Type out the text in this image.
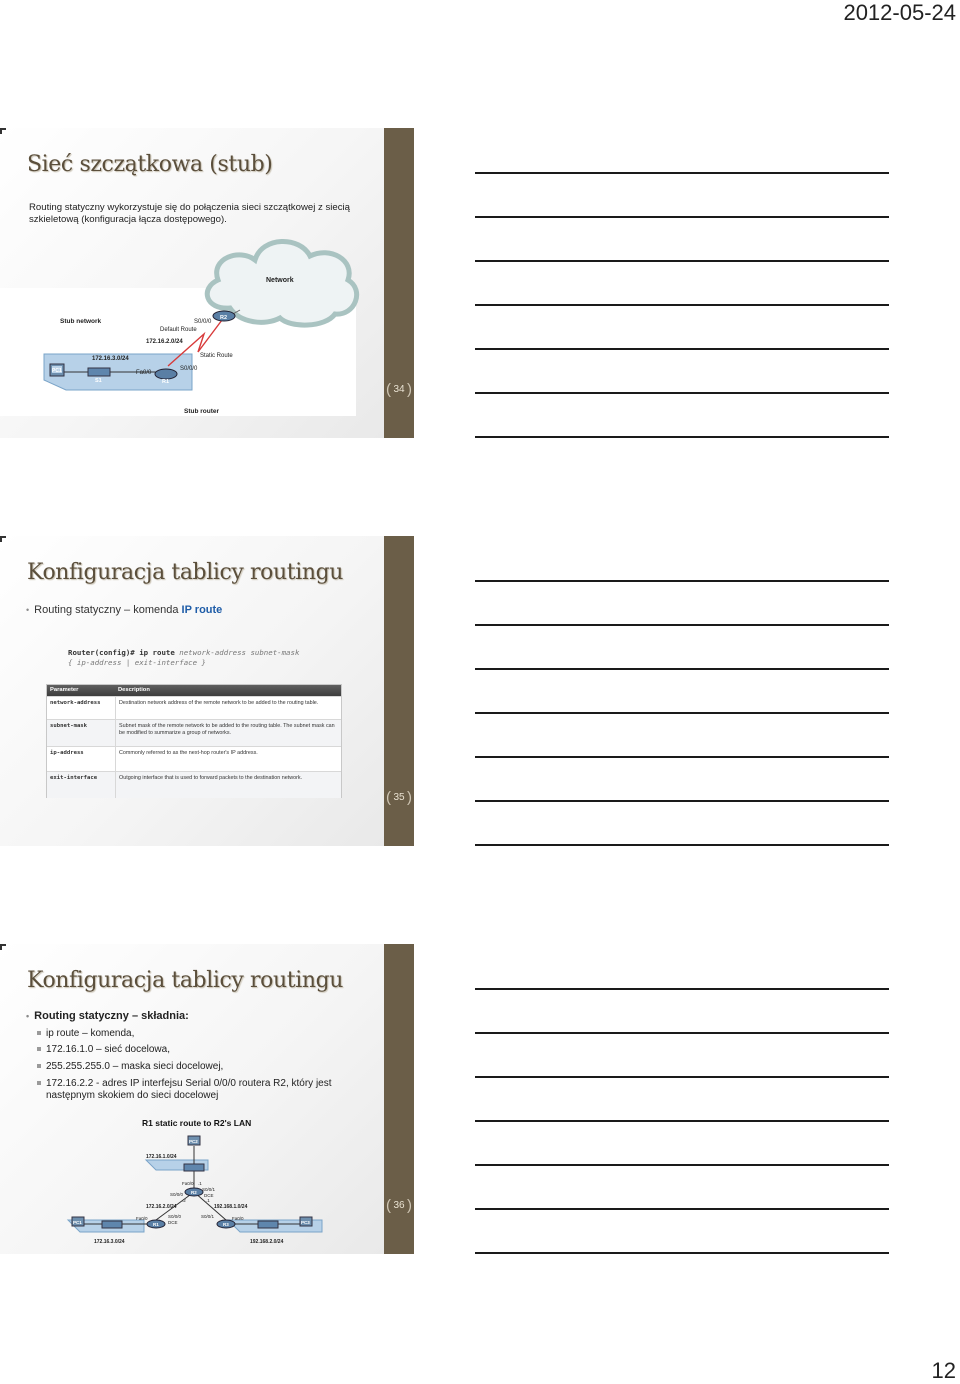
2012-05-24
( 34 )
Sieć szczątkowa (stub)
Routing statyczny wykorzystuje się do połączenia sieci szczątkowej z siecią szkieletową (konfiguracja łącza dostępowego).
Network
Stub network
Default Route
S0/0/0
R2
172.16.2.0/24
Static Route
172.16.3.0/24
PC1
S1
Fa0/0
R1
S0/0/0
Stub router
( 35 )
Konfiguracja tablicy routingu
• Routing statyczny – komenda IP route
Router(config)# ip route network-address subnet-mask
{ ip-address | exit-interface }
Parameter	Description
network-address	Destination network address of the remote network to be added to the routing table.
subnet-mask	Subnet mask of the remote network to be added to the routing table. The subnet mask can be modified to summarize a group of networks.
ip-address	Commonly referred to as the next-hop router's IP address.
exit-interface	Outgoing interface that is used to forward packets to the destination network.
( 36 )
Konfiguracja tablicy routingu
• Routing statyczny – składnia:
ip route – komenda,
172.16.1.0 – sieć docelowa,
255.255.255.0 – maska sieci docelowej,
172.16.2.2 - adres IP interfejsu Serial 0/0/0 routera R2, który jest następnym skokiem do sieci docelowej
R1 static route to R2's LAN
PC2
172.16.1.0/24
Fa0/0 .1
R2
S0/0/0
S0/0/1
DCE
.2	.1
172.16.2.0/24	192.168.1.0/24
PC1
Fa0/0	S0/0/0
DCE
S0/0/1	Fa0/0
PC3
R1	R3
172.16.3.0/24	192.168.2.0/24
12
